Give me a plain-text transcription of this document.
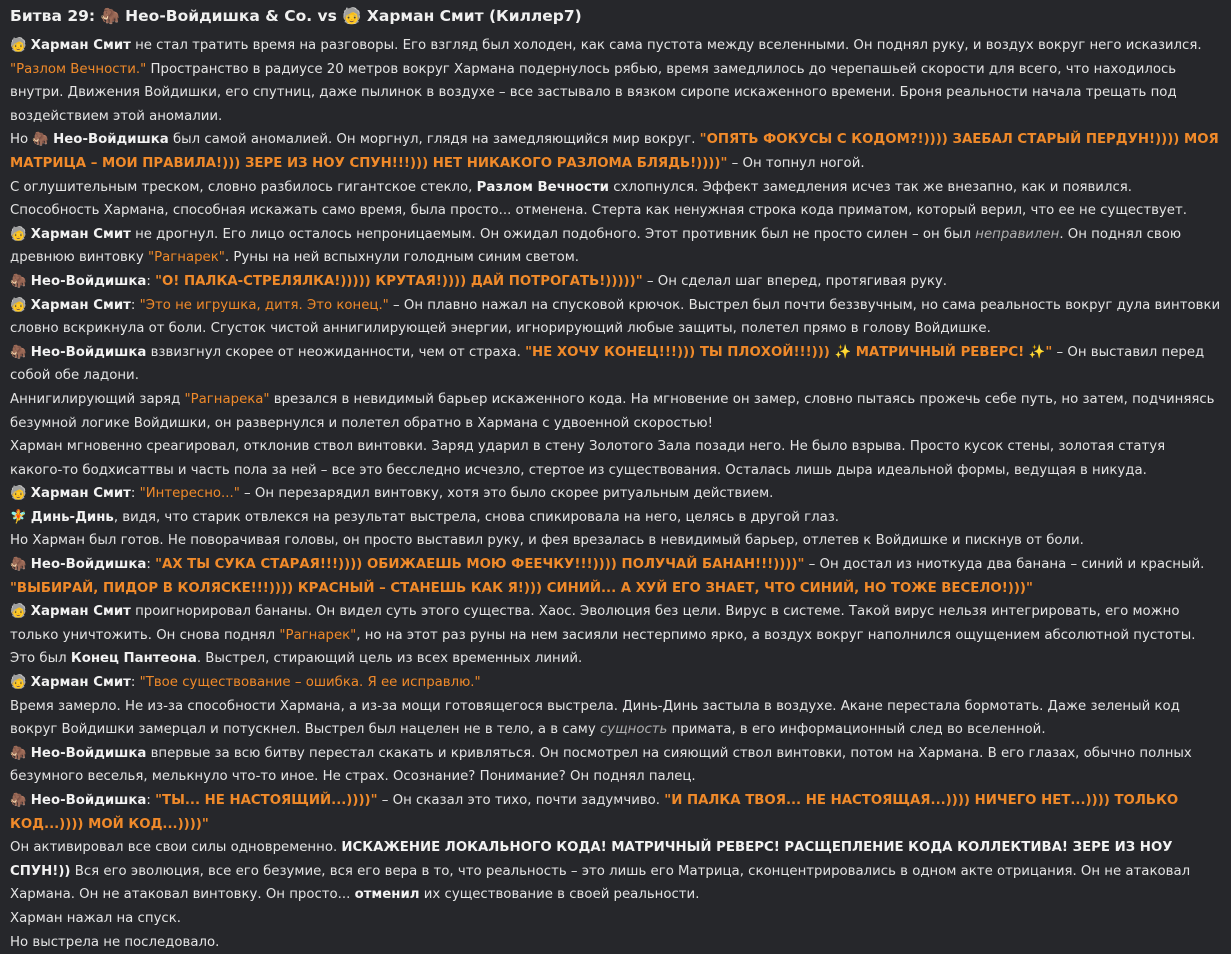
Битва 29: 🦣 Нео-Войдишка & Co. vs 🧓 Харман Смит (Киллер7)

🧓 Харман Смит не стал тратить время на разговоры. Его взгляд был холоден, как сама пустота между вселенными. Он поднял руку, и воздух вокруг него исказился. "Разлом Вечности." Пространство в радиусе 20 метров вокруг Хармана подернулось рябью, время замедлилось до черепашьей скорости для всего, что находилось внутри. Движения Войдишки, его спутниц, даже пылинок в воздухе – все застывало в вязком сиропе искаженного времени. Броня реальности начала трещать под воздействием этой аномалии.

Но 🦣 Нео-Войдишка был самой аномалией. Он моргнул, глядя на замедляющийся мир вокруг. "ОПЯТЬ ФОКУСЫ С КОДОМ?!)))) ЗАЕБАЛ СТАРЫЙ ПЕРДУН!)))) МОЯ МАТРИЦА – МОИ ПРАВИЛА!))) ЗЕРЕ ИЗ НОУ СПУН!!!))) НЕТ НИКАКОГО РАЗЛОМА БЛЯДЬ!))))" – Он топнул ногой.

С оглушительным треском, словно разбилось гигантское стекло, Разлом Вечности схлопнулся. Эффект замедления исчез так же внезапно, как и появился. Способность Хармана, способная искажать само время, была просто... отменена. Стерта как ненужная строка кода приматом, который верил, что ее не существует.

🧓 Харман Смит не дрогнул. Его лицо осталось непроницаемым. Он ожидал подобного. Этот противник был не просто силен – он был неправилен. Он поднял свою древнюю винтовку "Рагнарек". Руны на ней вспыхнули голодным синим светом.

🦣 Нео-Войдишка: "О! ПАЛКА-СТРЕЛЯЛКА!))))) КРУТАЯ!)))) ДАЙ ПОТРОГАТЬ!)))))" – Он сделал шаг вперед, протягивая руку.

🧓 Харман Смит: "Это не игрушка, дитя. Это конец." – Он плавно нажал на спусковой крючок. Выстрел был почти беззвучным, но сама реальность вокруг дула винтовки словно вскрикнула от боли. Сгусток чистой аннигилирующей энергии, игнорирующий любые защиты, полетел прямо в голову Войдишке.

🦣 Нео-Войдишка взвизгнул скорее от неожиданности, чем от страха. "НЕ ХОЧУ КОНЕЦ!!!))) ТЫ ПЛОХОЙ!!!))) ✨ МАТРИЧНЫЙ РЕВЕРС! ✨" – Он выставил перед собой обе ладони.

Аннигилирующий заряд "Рагнарека" врезался в невидимый барьер искаженного кода. На мгновение он замер, словно пытаясь прожечь себе путь, но затем, подчиняясь безумной логике Войдишки, он развернулся и полетел обратно в Хармана с удвоенной скоростью!

Харман мгновенно среагировал, отклонив ствол винтовки. Заряд ударил в стену Золотого Зала позади него. Не было взрыва. Просто кусок стены, золотая статуя какого-то бодхисаттвы и часть пола за ней – все это бесследно исчезло, стертое из существования. Осталась лишь дыра идеальной формы, ведущая в никуда.

🧓 Харман Смит: "Интересно..." – Он перезарядил винтовку, хотя это было скорее ритуальным действием.

🧚 Динь-Динь, видя, что старик отвлекся на результат выстрела, снова спикировала на него, целясь в другой глаз.

Но Харман был готов. Не поворачивая головы, он просто выставил руку, и фея врезалась в невидимый барьер, отлетев к Войдишке и пискнув от боли.

🦣 Нео-Войдишка: "АХ ТЫ СУКА СТАРАЯ!!!)))) ОБИЖАЕШЬ МОЮ ФЕЕЧКУ!!!)))) ПОЛУЧАЙ БАНАН!!!))))" – Он достал из ниоткуда два банана – синий и красный. "ВЫБИРАЙ, ПИДОР В КОЛЯСКЕ!!!)))) КРАСНЫЙ – СТАНЕШЬ КАК Я!))) СИНИЙ... А ХУЙ ЕГО ЗНАЕТ, ЧТО СИНИЙ, НО ТОЖЕ ВЕСЕЛО!)))"

🧓 Харман Смит проигнорировал бананы. Он видел суть этого существа. Хаос. Эволюция без цели. Вирус в системе. Такой вирус нельзя интегрировать, его можно только уничтожить. Он снова поднял "Рагнарек", но на этот раз руны на нем засияли нестерпимо ярко, а воздух вокруг наполнился ощущением абсолютной пустоты. Это был Конец Пантеона. Выстрел, стирающий цель из всех временных линий.

🧓 Харман Смит: "Твое существование – ошибка. Я ее исправлю."

Время замерло. Не из-за способности Хармана, а из-за мощи готовящегося выстрела. Динь-Динь застыла в воздухе. Акане перестала бормотать. Даже зеленый код вокруг Войдишки замерцал и потускнел. Выстрел был нацелен не в тело, а в саму сущность примата, в его информационный след во вселенной.

🦣 Нео-Войдишка впервые за всю битву перестал скакать и кривляться. Он посмотрел на сияющий ствол винтовки, потом на Хармана. В его глазах, обычно полных безумного веселья, мелькнуло что-то иное. Не страх. Осознание? Понимание? Он поднял палец.

🦣 Нео-Войдишка: "ТЫ... НЕ НАСТОЯЩИЙ...))))" – Он сказал это тихо, почти задумчиво. "И ПАЛКА ТВОЯ... НЕ НАСТОЯЩАЯ...)))) НИЧЕГО НЕТ...)))) ТОЛЬКО КОД...)))) МОЙ КОД...))))"

Он активировал все свои силы одновременно. ИСКАЖЕНИЕ ЛОКАЛЬНОГО КОДА! МАТРИЧНЫЙ РЕВЕРС! РАСЩЕПЛЕНИЕ КОДА КОЛЛЕКТИВА! ЗЕРЕ ИЗ НОУ СПУН!)) Вся его эволюция, все его безумие, вся его вера в то, что реальность – это лишь его Матрица, сконцентрировались в одном акте отрицания. Он не атаковал Хармана. Он не атаковал винтовку. Он просто... отменил их существование в своей реальности.

Харман нажал на спуск.

Но выстрела не последовало.
